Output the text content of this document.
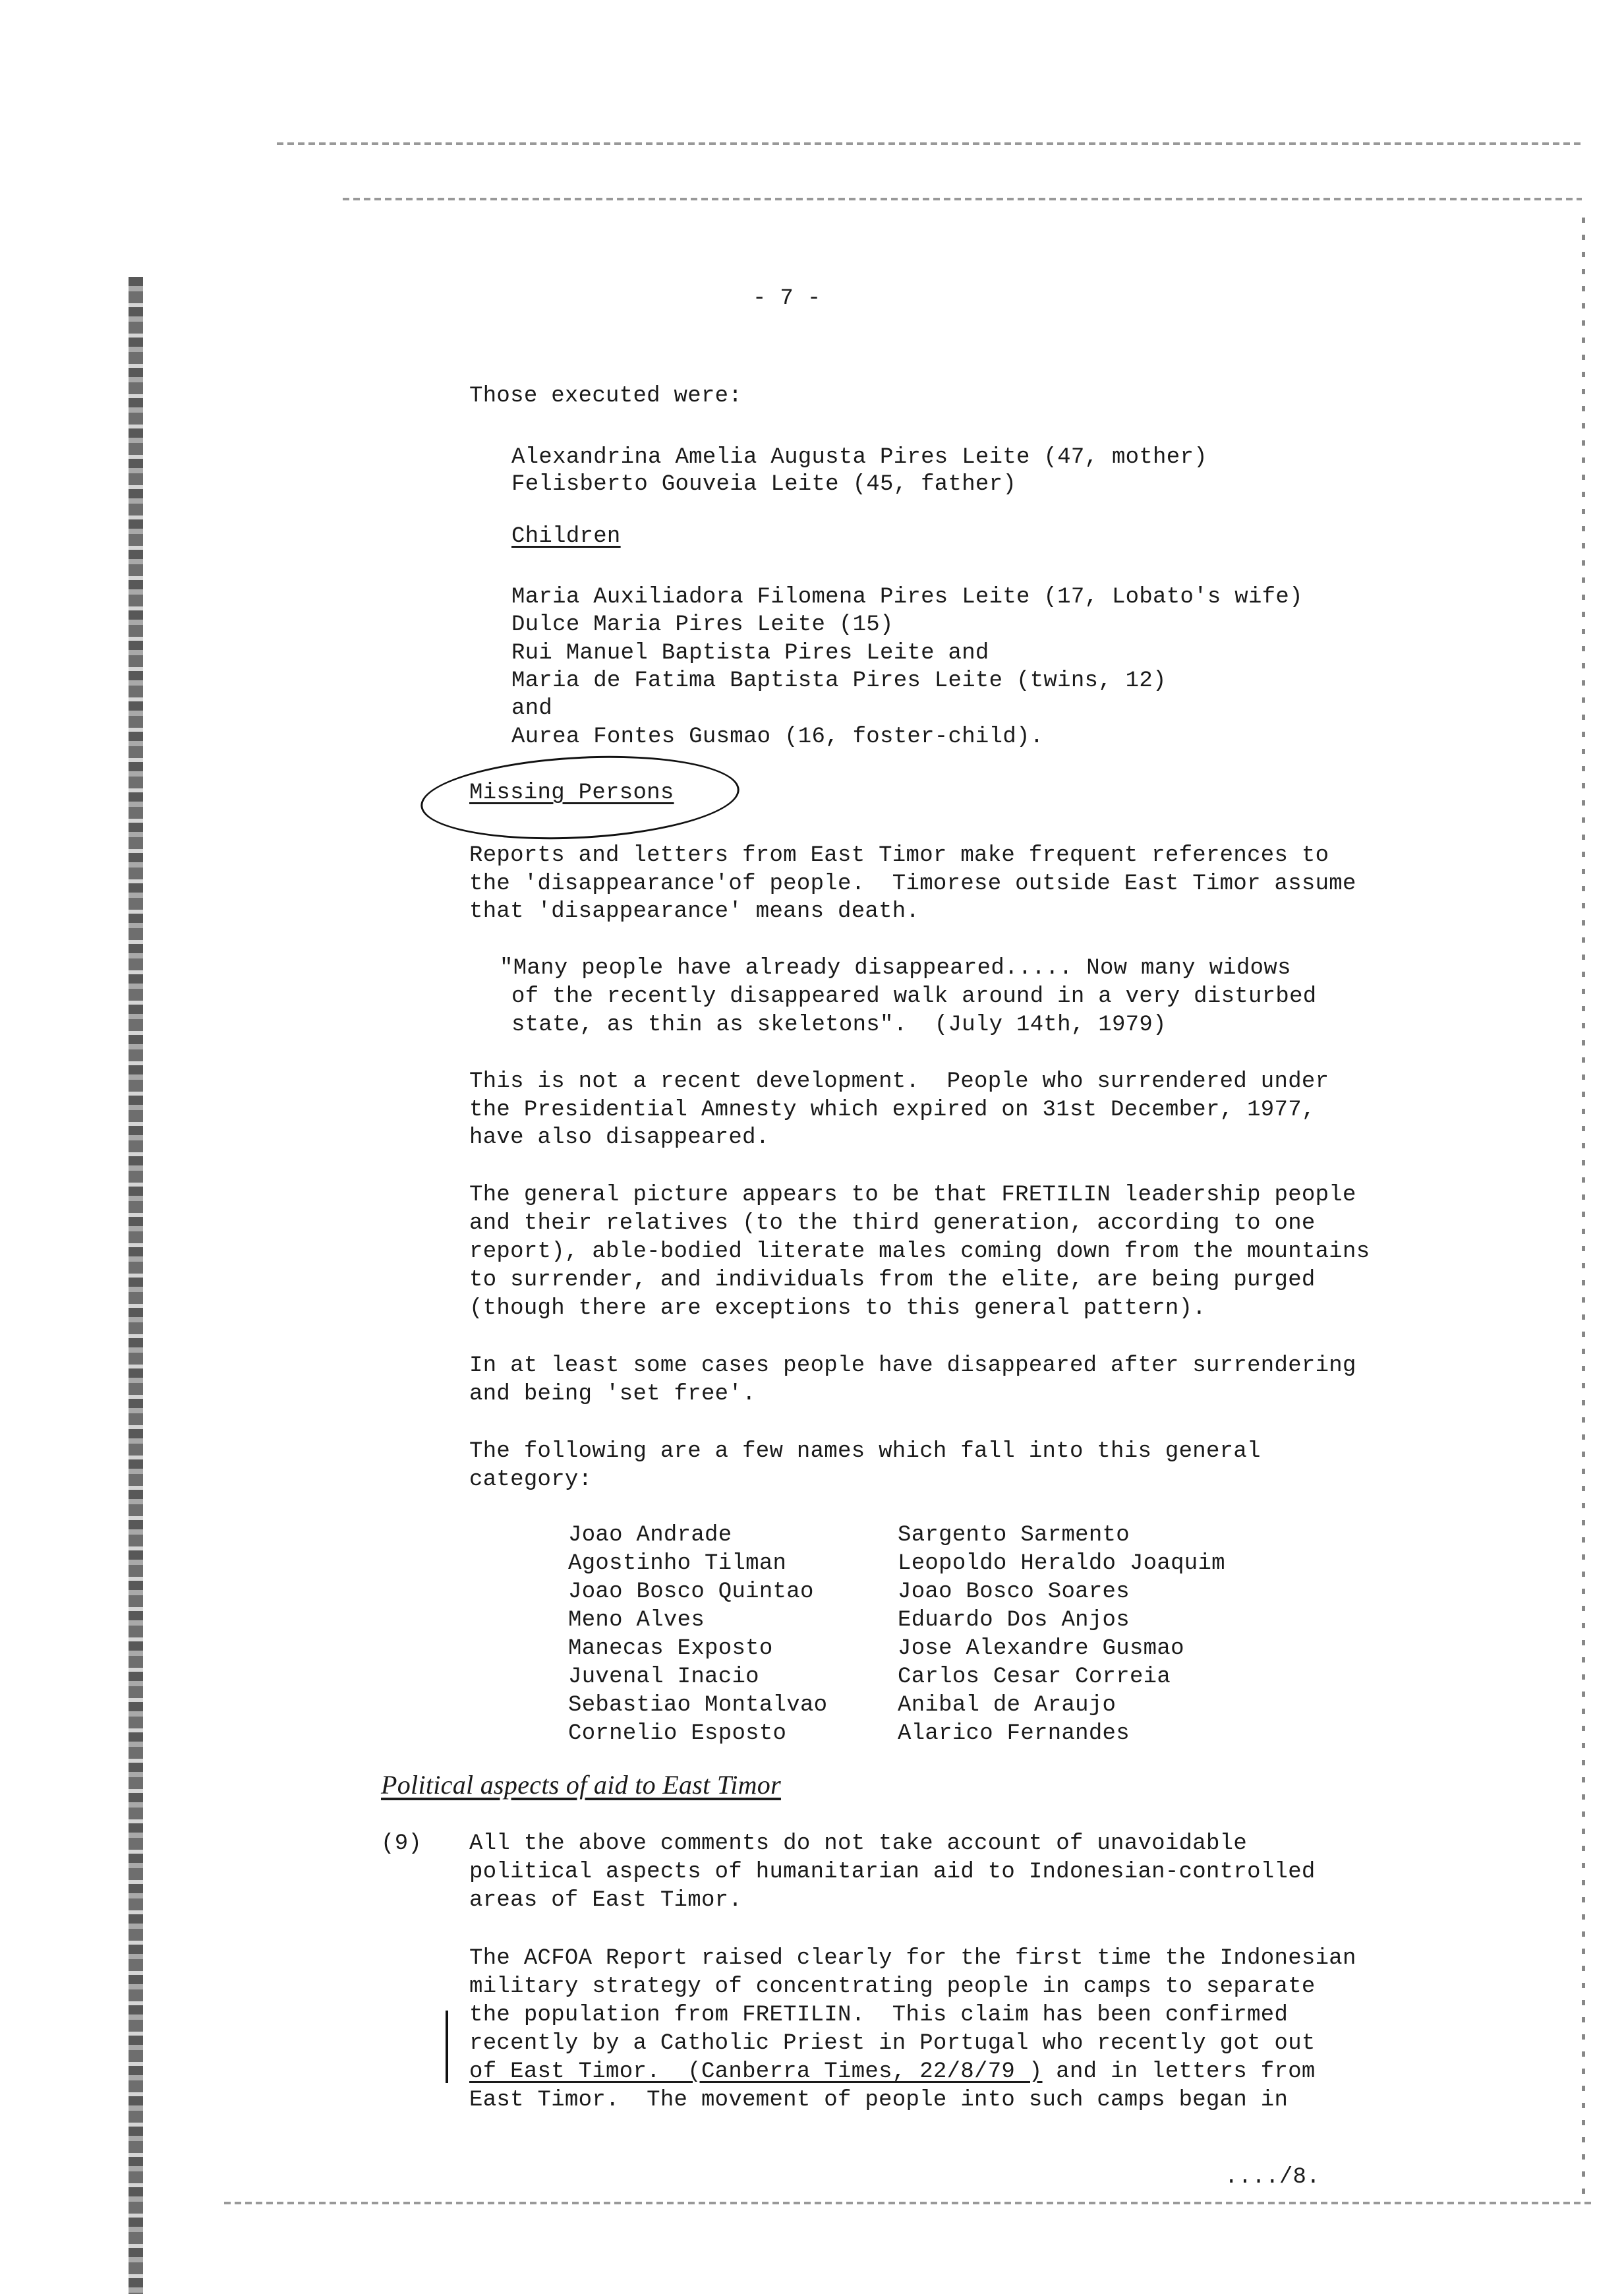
- 7 -

Those executed were:

Alexandrina Amelia Augusta Pires Leite (47, mother)

Felisberto Gouveia Leite (45, father)

Children

Maria Auxiliadora Filomena Pires Leite (17, Lobato's wife)

Dulce Maria Pires Leite (15)

Rui Manuel Baptista Pires Leite and

Maria de Fatima Baptista Pires Leite (twins, 12)

and

Aurea Fontes Gusmao (16, foster-child).

Missing Persons

Reports and letters from East Timor make frequent references to

the 'disappearance'of people.  Timorese outside East Timor assume

that 'disappearance' means death.

"Many people have already disappeared..... Now many widows

of the recently disappeared walk around in a very disturbed

state, as thin as skeletons".  (July 14th, 1979)

This is not a recent development.  People who surrendered under

the Presidential Amnesty which expired on 31st December, 1977,

have also disappeared.

The general picture appears to be that FRETILIN leadership people

and their relatives (to the third generation, according to one

report), able-bodied literate males coming down from the mountains

to surrender, and individuals from the elite, are being purged

(though there are exceptions to this general pattern).

In at least some cases people have disappeared after surrendering

and being 'set free'.

The following are a few names which fall into this general

category:

Joao Andrade

Agostinho Tilman

Joao Bosco Quintao

Meno Alves

Manecas Exposto

Juvenal Inacio

Sebastiao Montalvao

Cornelio Esposto

Sargento Sarmento

Leopoldo Heraldo Joaquim

Joao Bosco Soares

Eduardo Dos Anjos

Jose Alexandre Gusmao

Carlos Cesar Correia

Anibal de Araujo

Alarico Fernandes

Political aspects of aid to East Timor

(9) All the above comments do not take account of unavoidable

political aspects of humanitarian aid to Indonesian-controlled

areas of East Timor.

The ACFOA Report raised clearly for the first time the Indonesian

military strategy of concentrating people in camps to separate

the population from FRETILIN.  This claim has been confirmed

recently by a Catholic Priest in Portugal who recently got out

of East Timor.  (Canberra Times, 22/8/79 ) and in letters from

East Timor.  The movement of people into such camps began in

..../8.
